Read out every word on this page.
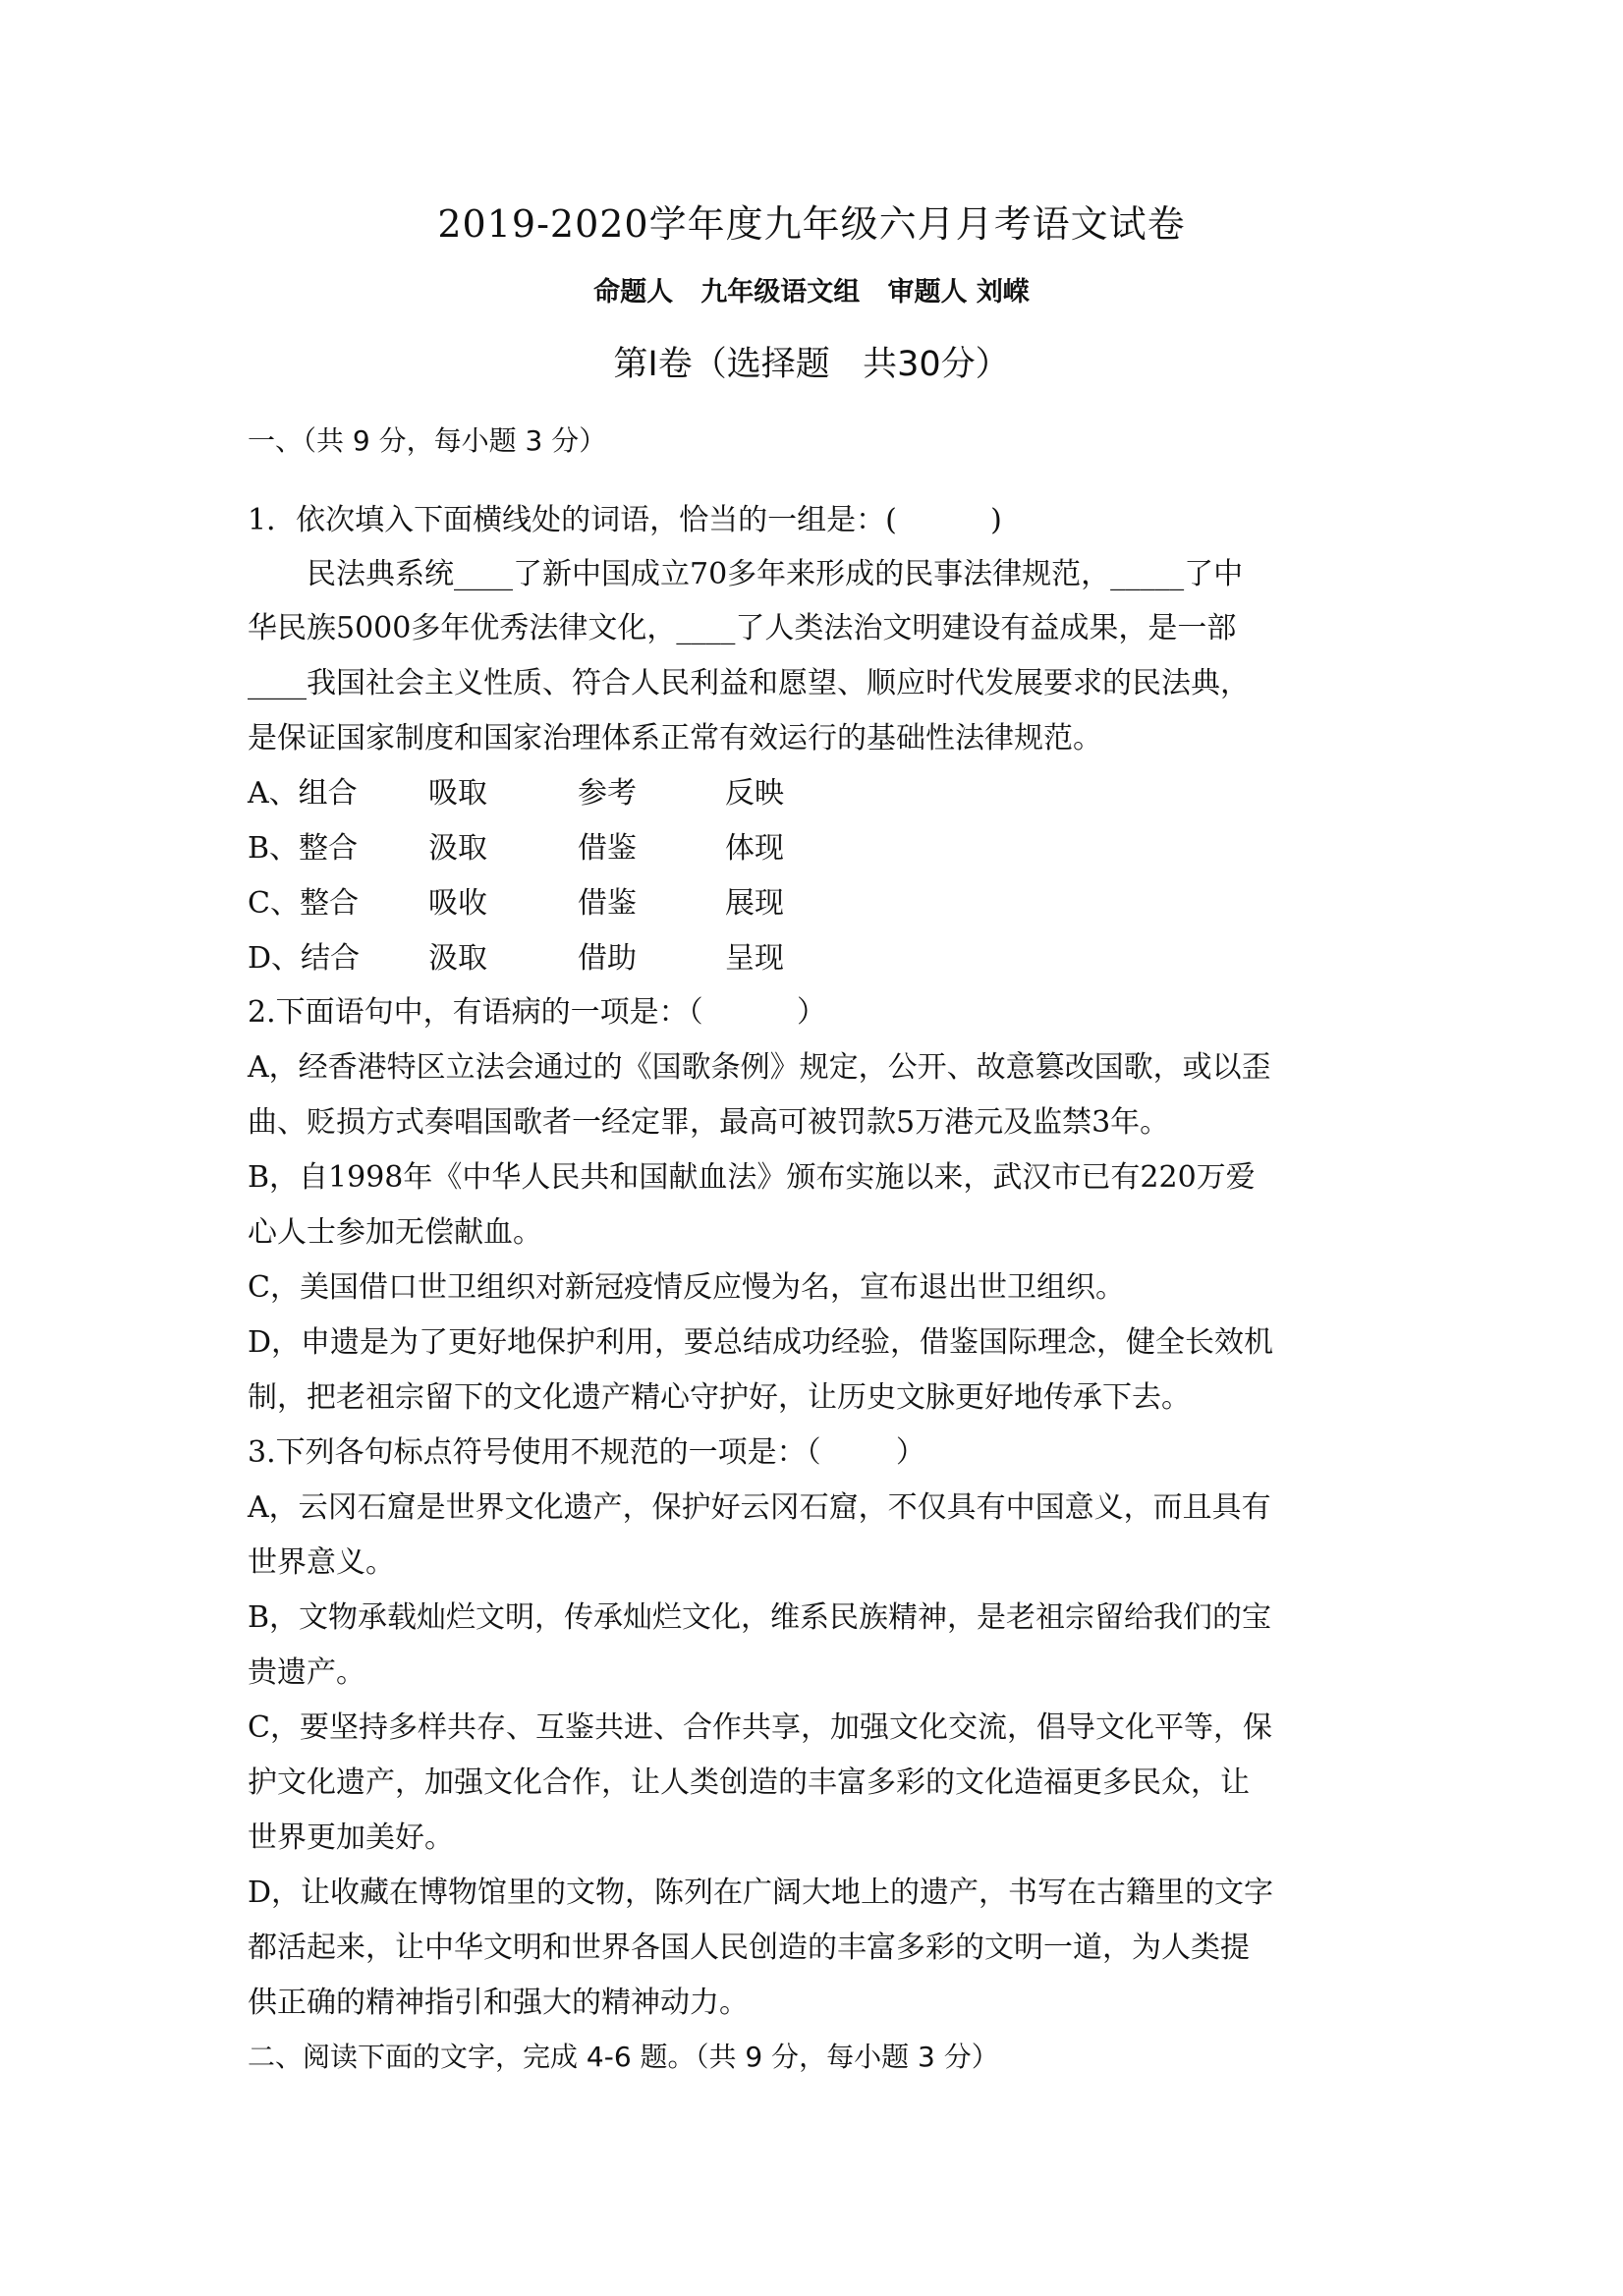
2019-2020学年度九年级六月月考语文试卷
命题人   九年级语文组   审题人 刘嵘
第Ⅰ卷（选择题   共30分）
一、（共 9 分，每小题 3 分）
1．依次填入下面横线处的词语，恰当的一组是：(          )
民法典系统____了新中国成立70多年来形成的民事法律规范，_____了中
华民族5000多年优秀法律文化，____了人类法治文明建设有益成果，是一部
____我国社会主义性质、符合人民利益和愿望、顺应时代发展要求的民法典，
是保证国家制度和国家治理体系正常有效运行的基础性法律规范。
A、组合 吸取	参考	反映
B、整合 汲取	借鉴	体现
C、整合 吸收	借鉴	展现
D、结合 汲取	借助	呈现
2.下面语句中，有语病的一项是：（          ）
A，经香港特区立法会通过的《国歌条例》规定，公开、故意篡改国歌，或以歪
曲、贬损方式奏唱国歌者一经定罪，最高可被罚款5万港元及监禁3年。
B，自1998年《中华人民共和国献血法》颁布实施以来，武汉市已有220万爱
心人士参加无偿献血。
C，美国借口世卫组织对新冠疫情反应慢为名，宣布退出世卫组织。
D，申遗是为了更好地保护利用，要总结成功经验，借鉴国际理念，健全长效机
制，把老祖宗留下的文化遗产精心守护好，让历史文脉更好地传承下去。
3.下列各句标点符号使用不规范的一项是：（        ）
A，云冈石窟是世界文化遗产，保护好云冈石窟，不仅具有中国意义，而且具有
世界意义。
B，文物承载灿烂文明，传承灿烂文化，维系民族精神，是老祖宗留给我们的宝
贵遗产。
C，要坚持多样共存、互鉴共进、合作共享，加强文化交流，倡导文化平等，保
护文化遗产，加强文化合作，让人类创造的丰富多彩的文化造福更多民众，让
世界更加美好。
D，让收藏在博物馆里的文物，陈列在广阔大地上的遗产，书写在古籍里的文字
都活起来，让中华文明和世界各国人民创造的丰富多彩的文明一道，为人类提
供正确的精神指引和强大的精神动力。
二、阅读下面的文字，完成 4-6 题。（共 9 分，每小题 3 分）
